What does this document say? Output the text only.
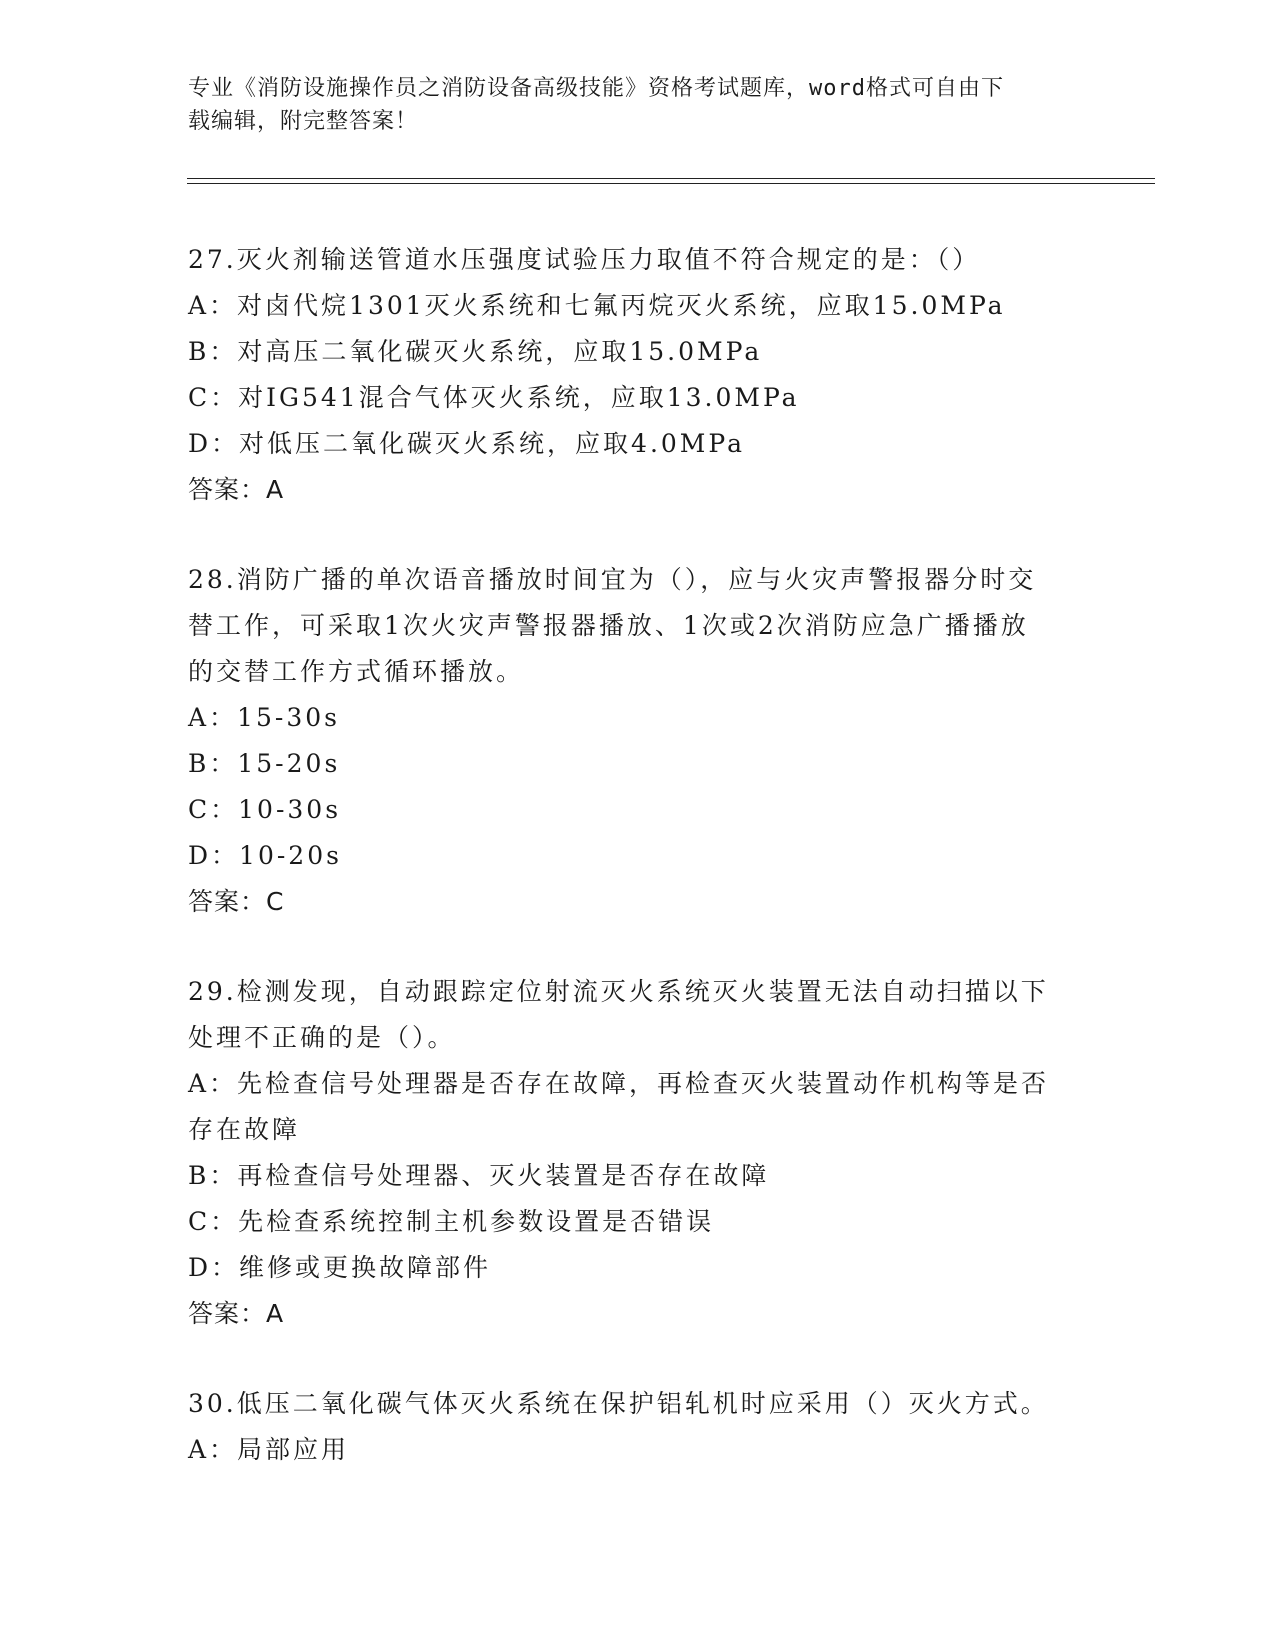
专业《消防设施操作员之消防设备高级技能》资格考试题库，word格式可自由下
载编辑，附完整答案！
27.灭火剂输送管道水压强度试验压力取值不符合规定的是：（）
A：对卤代烷1301灭火系统和七氟丙烷灭火系统，应取15.0MPa
B：对高压二氧化碳灭火系统，应取15.0MPa
C：对IG541混合气体灭火系统，应取13.0MPa
D：对低压二氧化碳灭火系统，应取4.0MPa
答案：A
28.消防广播的单次语音播放时间宜为（），应与火灾声警报器分时交
替工作，可采取1次火灾声警报器播放、1次或2次消防应急广播播放
的交替工作方式循环播放。
A：15-30s
B：15-20s
C：10-30s
D：10-20s
答案：C
29.检测发现，自动跟踪定位射流灭火系统灭火装置无法自动扫描以下
处理不正确的是（）。
A：先检查信号处理器是否存在故障，再检查灭火装置动作机构等是否
存在故障
B：再检查信号处理器、灭火装置是否存在故障
C：先检查系统控制主机参数设置是否错误
D：维修或更换故障部件
答案：A
30.低压二氧化碳气体灭火系统在保护铝轧机时应采用（）灭火方式。
A：局部应用
